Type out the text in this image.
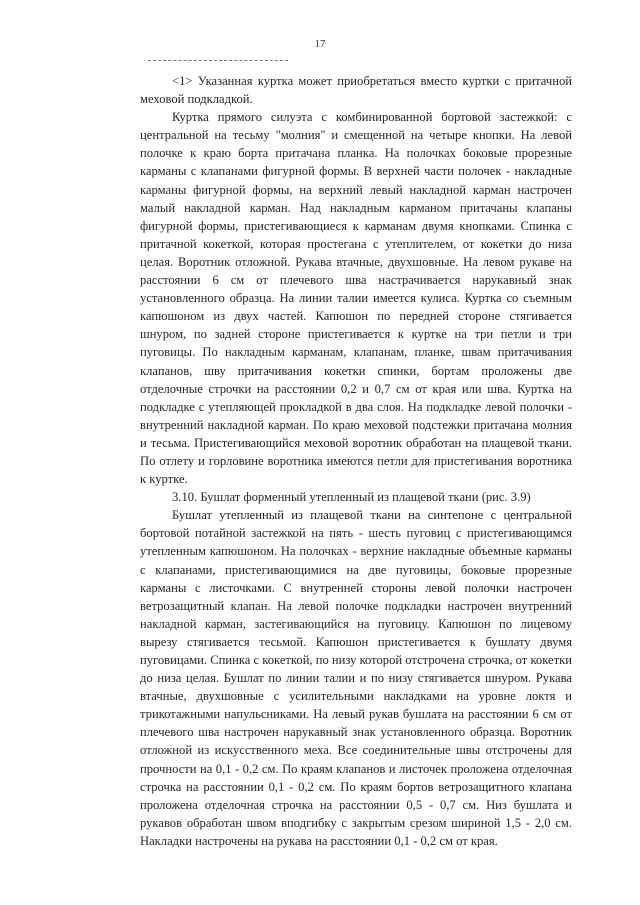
17

<1> Указанная куртка может приобретаться вместо куртки с притачной меховой подкладкой.

Куртка прямого силуэта с комбинированной бортовой застежкой: с центральной на тесьму "молния" и смещенной на четыре кнопки. На левой полочке к краю борта притачана планка. На полочках боковые прорезные карманы с клапанами фигурной формы. В верхней части полочек - накладные карманы фигурной формы, на верхний левый накладной карман настрочен малый накладной карман. Над накладным карманом притачаны клапаны фигурной формы, пристегивающиеся к карманам двумя кнопками. Спинка с притачной кокеткой, которая простегана с утеплителем, от кокетки до низа целая. Воротник отложной. Рукава втачные, двухшовные. На левом рукаве на расстоянии 6 см от плечевого шва настрачивается нарукавный знак установленного образца. На линии талии имеется кулиса. Куртка со съемным капюшоном из двух частей. Капюшон по передней стороне стягивается шнуром, по задней стороне пристегивается к куртке на три петли и три пуговицы. По накладным карманам, клапанам, планке, швам притачивания клапанов, шву притачивания кокетки спинки, бортам проложены две отделочные строчки на расстоянии 0,2 и 0,7 см от края или шва. Куртка на подкладке с утепляющей прокладкой в два слоя. На подкладке левой полочки - внутренний накладной карман. По краю меховой подстежки притачана молния и тесьма. Пристегивающийся меховой воротник обработан на плащевой ткани. По отлету и горловине воротника имеются петли для пристегивания воротника к куртке.

3.10. Бушлат форменный утепленный из плащевой ткани (рис. 3.9)

Бушлат утепленный из плащевой ткани на синтепоне с центральной бортовой потайной застежкой на пять - шесть пуговиц с пристегивающимся утепленным капюшоном. На полочках - верхние накладные объемные карманы с клапанами, пристегивающимися на две пуговицы, боковые прорезные карманы с листочками. С внутренней стороны левой полочки настрочен ветрозащитный клапан. На левой полочке подкладки настрочен внутренний накладной карман, застегивающийся на пуговицу. Капюшон по лицевому вырезу стягивается тесьмой. Капюшон пристегивается к бушлату двумя пуговицами. Спинка с кокеткой, по низу которой отстрочена строчка, от кокетки до низа целая. Бушлат по линии талии и по низу стягивается шнуром. Рукава втачные, двухшовные с усилительными накладками на уровне локтя и трикотажными напульсниками. На левый рукав бушлата на расстоянии 6 см от плечевого шва настрочен нарукавный знак установленного образца. Воротник отложной из искусственного меха. Все соединительные швы отстрочены для прочности на 0,1 - 0,2 см. По краям клапанов и листочек проложена отделочная строчка на расстоянии 0,1 - 0,2 см. По краям бортов ветрозащитного клапана проложена отделочная строчка на расстоянии 0,5 - 0,7 см. Низ бушлата и рукавов обработан швом вподгибку с закрытым срезом шириной 1,5 - 2,0 см. Накладки настрочены на рукава на расстоянии 0,1 - 0,2 см от края.
